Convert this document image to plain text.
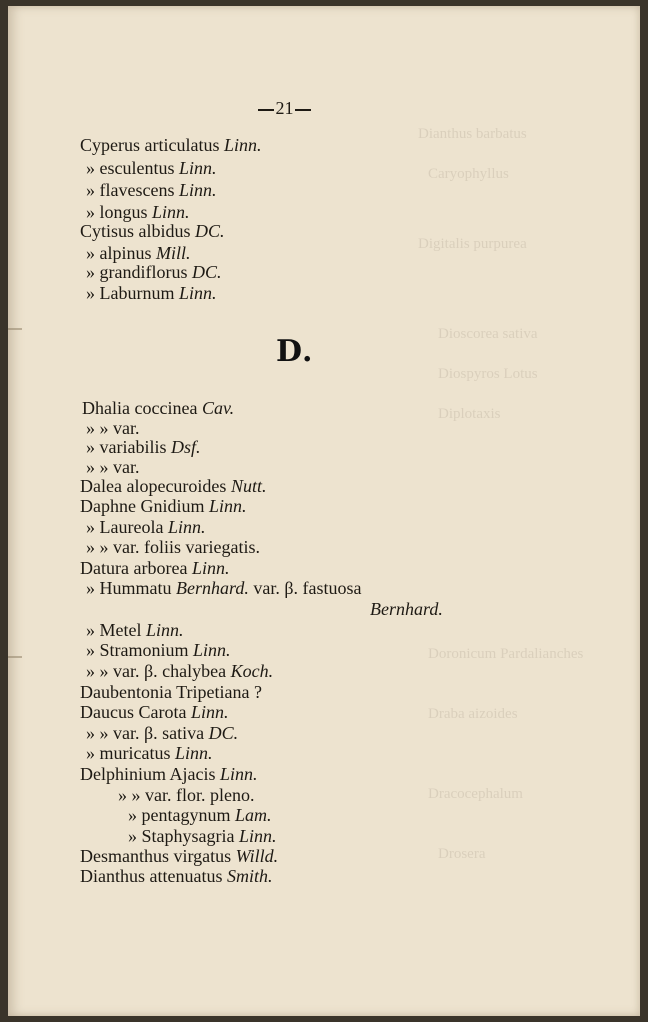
Dianthus barbatus
Caryophyllus
Digitalis purpurea
Dioscorea sativa
Diospyros Lotus
Diplotaxis
Doronicum Pardalianches
Draba aizoides
Dracocephalum
Drosera
 21 
Cyperus articulatus Linn.
» esculentus Linn.
» flavescens Linn.
» longus Linn.
Cytisus albidus DC.
» alpinus Mill.
» grandiflorus DC.
» Laburnum Linn.
D.
Dhalia coccinea Cav.
» » var.
» variabilis Dsf.
» » var.
Dalea alopecuroides Nutt.
Daphne Gnidium Linn.
» Laureola Linn.
» » var. foliis variegatis.
Datura arborea Linn.
» Hummatu Bernhard. var. β. fastuosa
Bernhard.
» Metel Linn.
» Stramonium Linn.
» » var. β. chalybea Koch.
Daubentonia Tripetiana ?
Daucus Carota Linn.
» » var. β. sativa DC.
» muricatus Linn.
Delphinium Ajacis Linn.
» » var. flor. pleno.
» pentagynum Lam.
» Staphysagria Linn.
Desmanthus virgatus Willd.
Dianthus attenuatus Smith.
